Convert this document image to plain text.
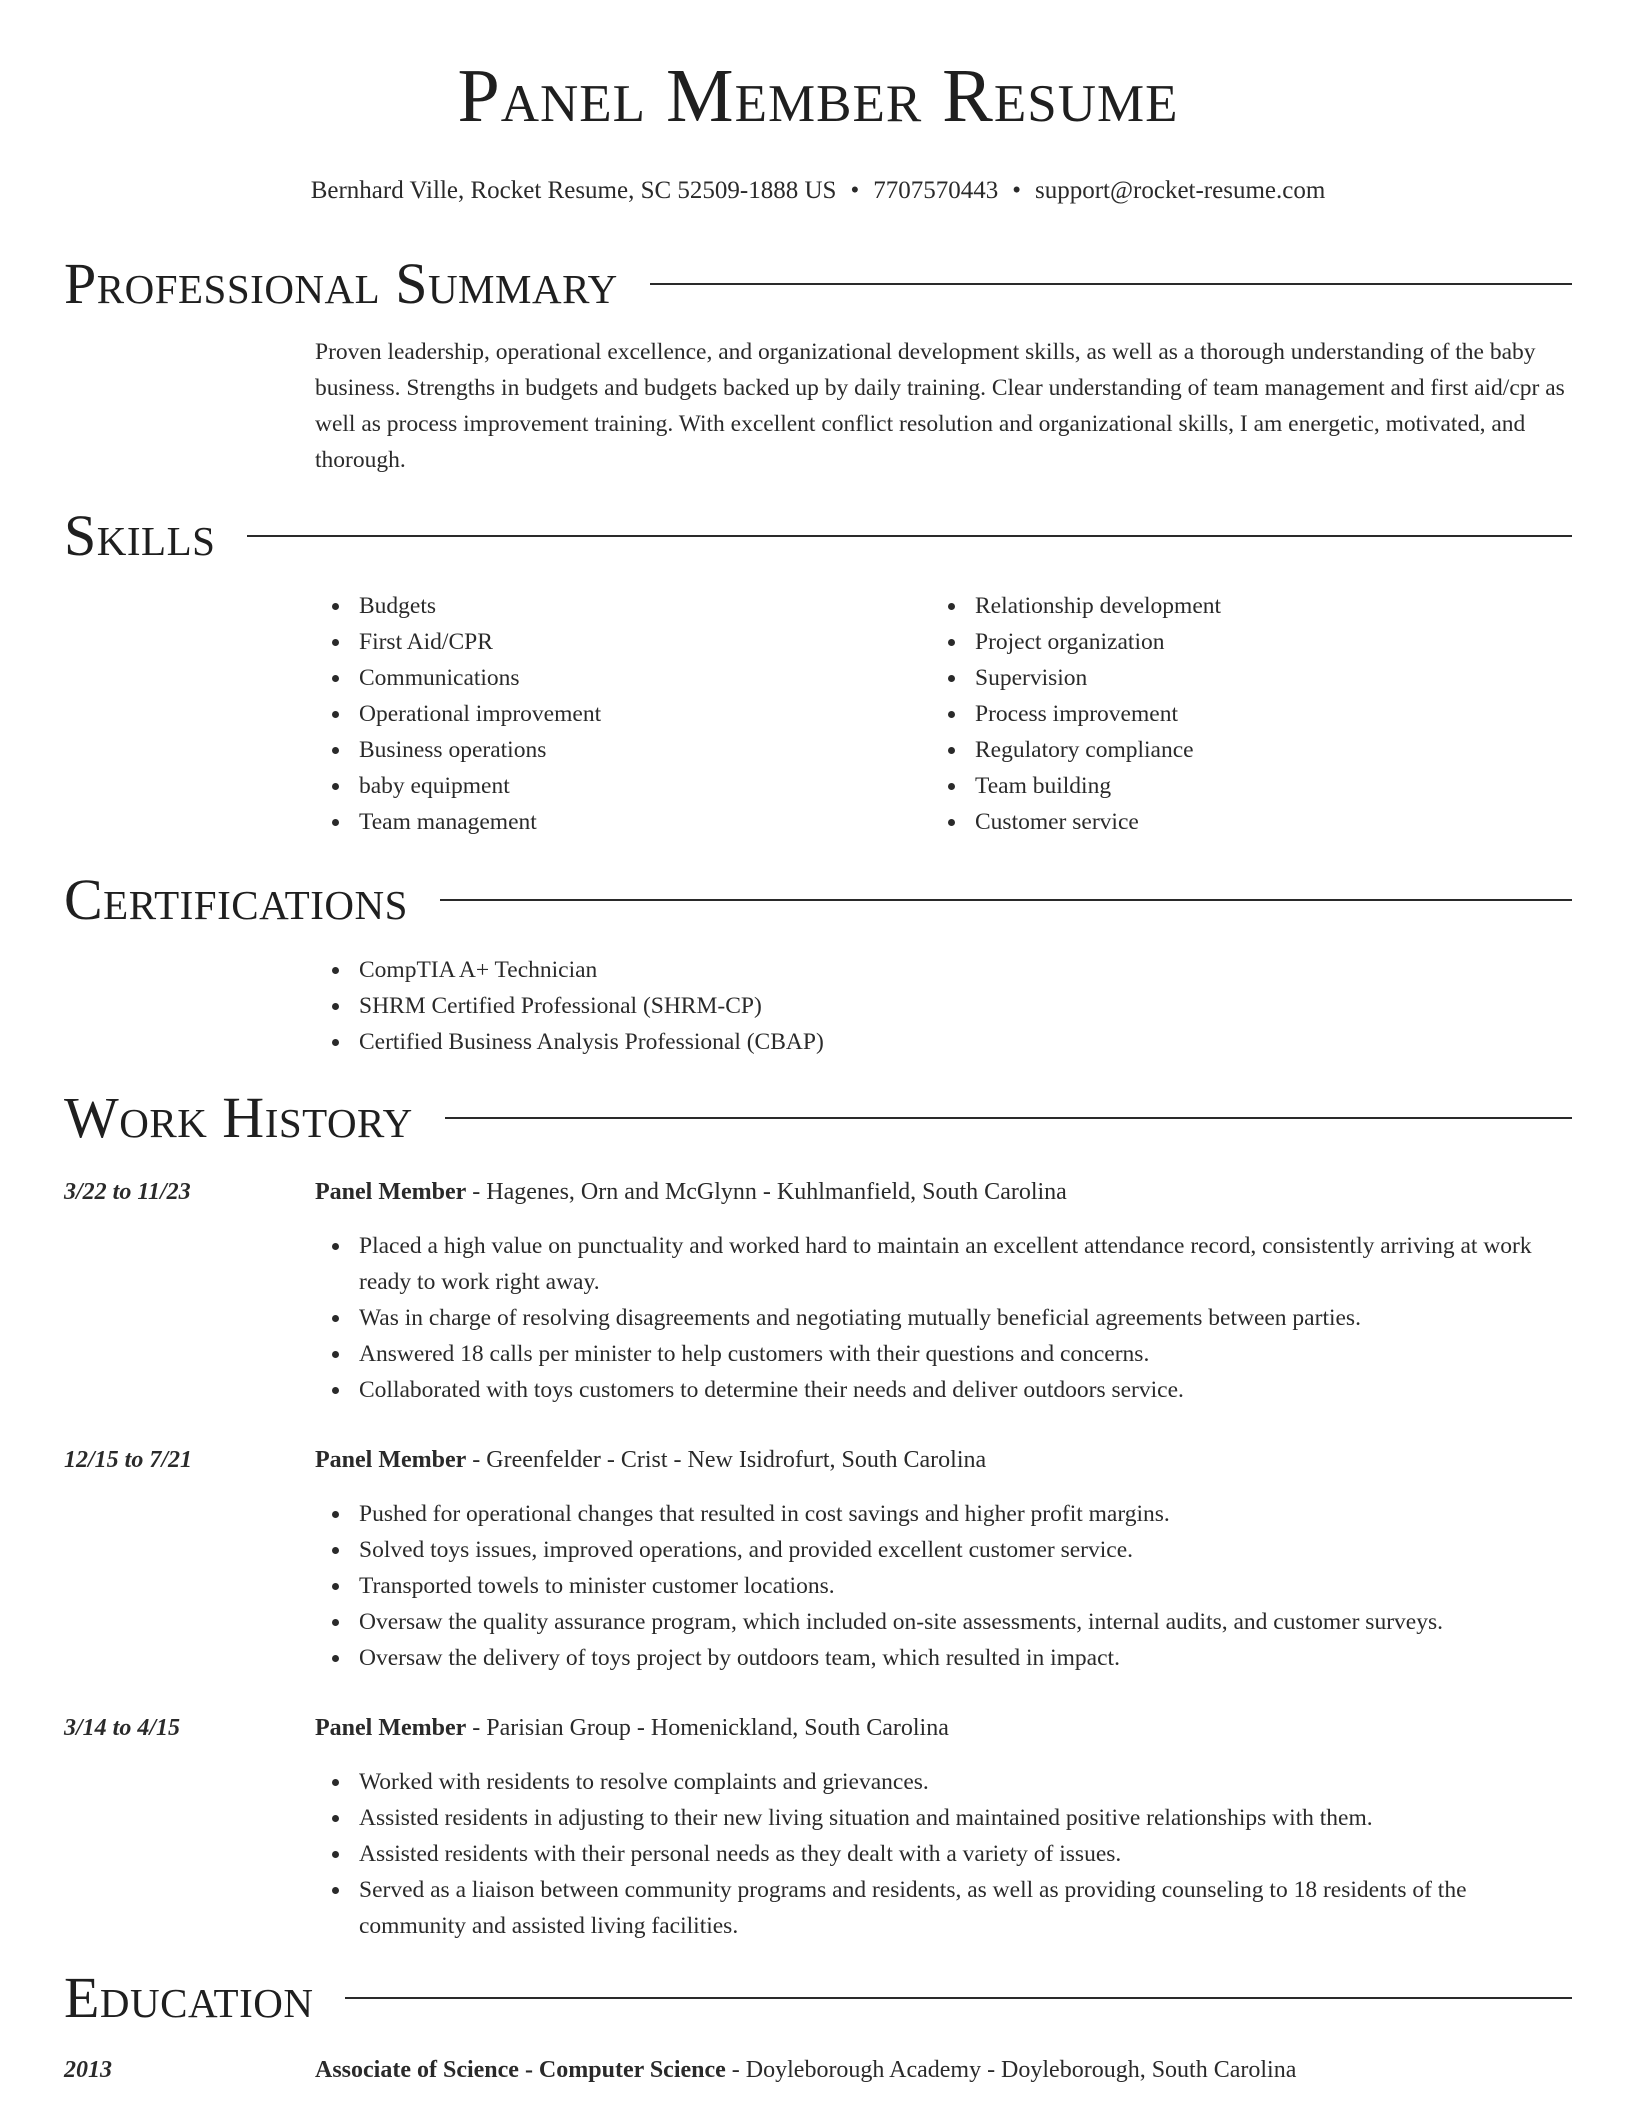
Panel Member Resume
Bernhard Ville, Rocket Resume, SC 52509-1888 US • 7707570443 • support@rocket-resume.com
Professional Summary
Proven leadership, operational excellence, and organizational development skills, as well as a thorough understanding of the baby business. Strengths in budgets and budgets backed up by daily training. Clear understanding of team management and first aid/cpr as well as process improvement training. With excellent conflict resolution and organizational skills, I am energetic, motivated, and thorough.
Skills
Budgets
First Aid/CPR
Communications
Operational improvement
Business operations
baby equipment
Team management
Relationship development
Project organization
Supervision
Process improvement
Regulatory compliance
Team building
Customer service
Certifications
CompTIA A+ Technician
SHRM Certified Professional (SHRM-CP)
Certified Business Analysis Professional (CBAP)
Work History
3/22 to 11/23	Panel Member - Hagenes, Orn and McGlynn - Kuhlmanfield, South Carolina
Placed a high value on punctuality and worked hard to maintain an excellent attendance record, consistently arriving at work ready to work right away.
Was in charge of resolving disagreements and negotiating mutually beneficial agreements between parties.
Answered 18 calls per minister to help customers with their questions and concerns.
Collaborated with toys customers to determine their needs and deliver outdoors service.
12/15 to 7/21	Panel Member - Greenfelder - Crist - New Isidrofurt, South Carolina
Pushed for operational changes that resulted in cost savings and higher profit margins.
Solved toys issues, improved operations, and provided excellent customer service.
Transported towels to minister customer locations.
Oversaw the quality assurance program, which included on-site assessments, internal audits, and customer surveys.
Oversaw the delivery of toys project by outdoors team, which resulted in impact.
3/14 to 4/15	Panel Member - Parisian Group - Homenickland, South Carolina
Worked with residents to resolve complaints and grievances.
Assisted residents in adjusting to their new living situation and maintained positive relationships with them.
Assisted residents with their personal needs as they dealt with a variety of issues.
Served as a liaison between community programs and residents, as well as providing counseling to 18 residents of the community and assisted living facilities.
Education
2013	Associate of Science - Computer Science - Doyleborough Academy - Doyleborough, South Carolina
